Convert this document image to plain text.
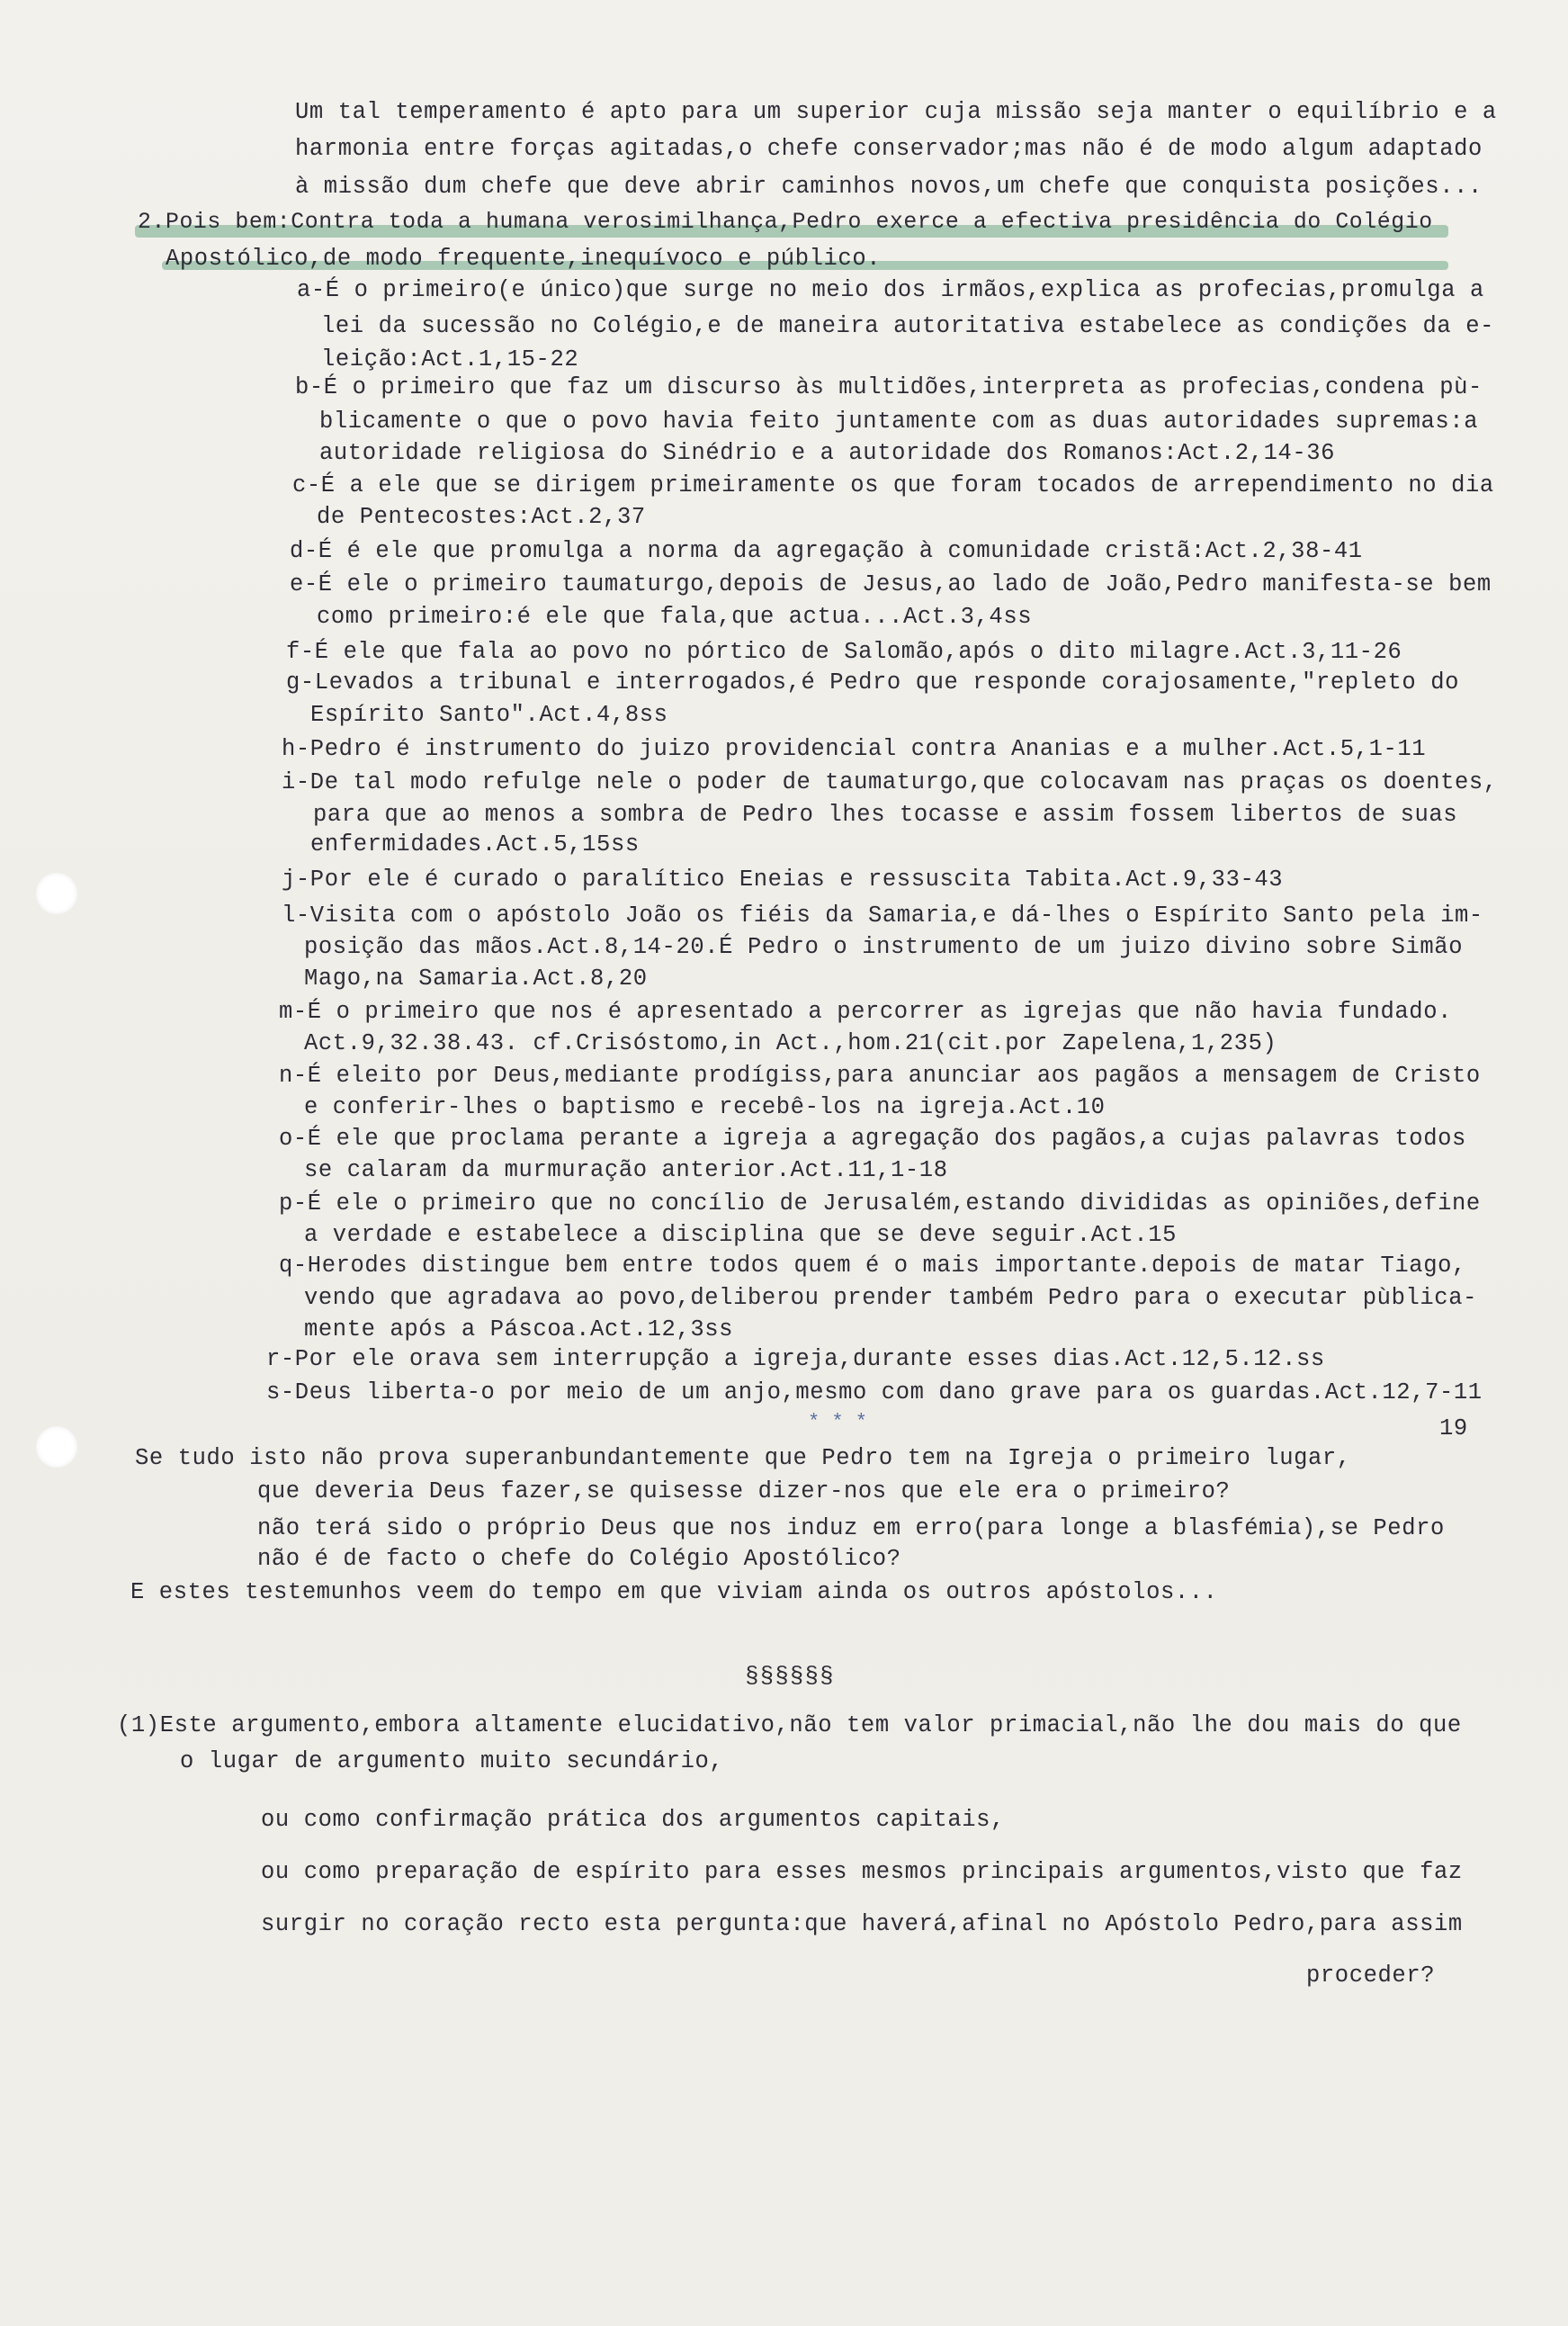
Um tal temperamento é apto para um superior cuja missão seja manter o equilíbrio e a
harmonia entre forças agitadas,o chefe conservador;mas não é de modo algum adaptado
à missão dum chefe que deve abrir caminhos novos,um chefe que conquista posições...
2.Pois bem:Contra toda a humana verosimilhança,Pedro exerce a efectiva presidência do Colégio
Apostólico,de modo frequente,inequívoco e público.
a-É o primeiro(e único)que surge no meio dos irmãos,explica as profecias,promulga a
lei da sucessão no Colégio,e de maneira autoritativa estabelece as condições da e-
leição:Act.1,15-22
b-É o primeiro que faz um discurso às multidões,interpreta as profecias,condena pù-
blicamente o que o povo havia feito juntamente com as duas autoridades supremas:a
autoridade religiosa do Sinédrio e a autoridade dos Romanos:Act.2,14-36
c-É a ele que se dirigem primeiramente os que foram tocados de arrependimento no dia
de Pentecostes:Act.2,37
d-É é ele que promulga a norma da agregação à comunidade cristã:Act.2,38-41
e-É ele o primeiro taumaturgo,depois de Jesus,ao lado de João,Pedro manifesta-se bem
como primeiro:é ele que fala,que actua...Act.3,4ss
f-É ele que fala ao povo no pórtico de Salomão,após o dito milagre.Act.3,11-26
g-Levados a tribunal e interrogados,é Pedro que responde corajosamente,"repleto do
Espírito Santo".Act.4,8ss
h-Pedro é instrumento do juizo providencial contra Ananias e a mulher.Act.5,1-11
i-De tal modo refulge nele o poder de taumaturgo,que colocavam nas praças os doentes,
para que ao menos a sombra de Pedro lhes tocasse e assim fossem libertos de suas
enfermidades.Act.5,15ss
j-Por ele é curado o paralítico Eneias e ressuscita Tabita.Act.9,33-43
l-Visita com o apóstolo João os fiéis da Samaria,e dá-lhes o Espírito Santo pela im-
posição das mãos.Act.8,14-20.É Pedro o instrumento de um juizo divino sobre Simão
Mago,na Samaria.Act.8,20
m-É o primeiro que nos é apresentado a percorrer as igrejas que não havia fundado.
Act.9,32.38.43. cf.Crisóstomo,in Act.,hom.21(cit.por Zapelena,1,235)
n-É eleito por Deus,mediante prodígiss,para anunciar aos pagãos a mensagem de Cristo
e conferir-lhes o baptismo e recebê-los na igreja.Act.10
o-É ele que proclama perante a igreja a agregação dos pagãos,a cujas palavras todos
se calaram da murmuração anterior.Act.11,1-18
p-É ele o primeiro que no concílio de Jerusalém,estando divididas as opiniões,define
a verdade e estabelece a disciplina que se deve seguir.Act.15
q-Herodes distingue bem entre todos quem é o mais importante.depois de matar Tiago,
vendo que agradava ao povo,deliberou prender também Pedro para o executar pùblica-
mente após a Páscoa.Act.12,3ss
r-Por ele orava sem interrupção a igreja,durante esses dias.Act.12,5.12.ss
s-Deus liberta-o por meio de um anjo,mesmo com dano grave para os guardas.Act.12,7-11
* * *	19
Se tudo isto não prova superanbundantemente que Pedro tem na Igreja o primeiro lugar,
que deveria Deus fazer,se quisesse dizer-nos que ele era o primeiro?
não terá sido o próprio Deus que nos induz em erro(para longe a blasfémia),se Pedro
não é de facto o chefe do Colégio Apostólico?
E estes testemunhos veem do tempo em que viviam ainda os outros apóstolos...
§§§§§§
(1)Este argumento,embora altamente elucidativo,não tem valor primacial,não lhe dou mais do que
o lugar de argumento muito secundário,
ou como confirmação prática dos argumentos capitais,
ou como preparação de espírito para esses mesmos principais argumentos,visto que faz
surgir no coração recto esta pergunta:que haverá,afinal no Apóstolo Pedro,para assim
proceder?
